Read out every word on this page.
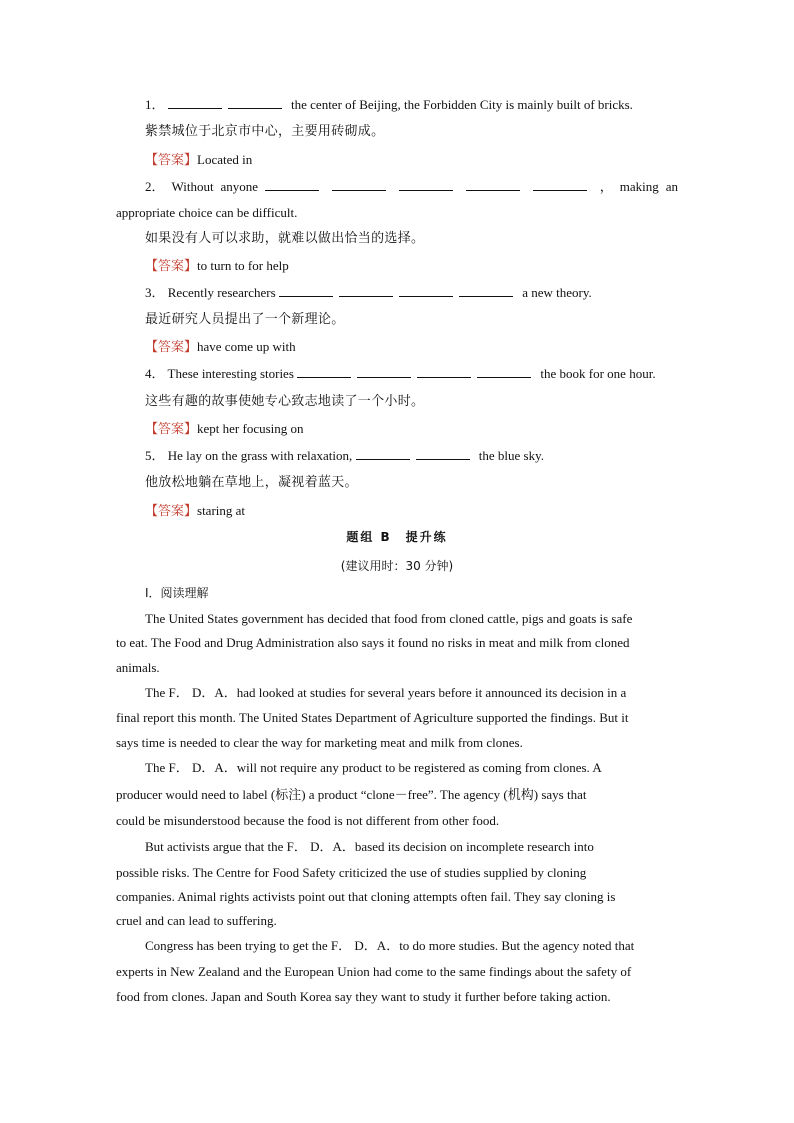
1．	the center of Beijing, the Forbidden City is mainly built of bricks.
紫禁城位于北京市中心，主要用砖砌成。
【答案】Located in
2． Without anyone	， making an
appropriate choice can be difficult.
如果没有人可以求助，就难以做出恰当的选择。
【答案】to turn to for help
3． Recently researchers	a new theory.
最近研究人员提出了一个新理论。
【答案】have come up with
4． These interesting stories	the book for one hour.
这些有趣的故事使她专心致志地读了一个小时。
【答案】kept her focusing on
5． He lay on the grass with relaxation,	the blue sky.
他放松地躺在草地上，凝视着蓝天。
【答案】staring at
题组 B　提升练
(建议用时：30 分钟)
Ⅰ．阅读理解
The United States government has decided that food from cloned cattle, pigs and goats is safe
to eat. The Food and Drug Administration also says it found no risks in meat and milk from cloned
animals.
The F． D．A．had looked at studies for several years before it announced its decision in a
final report this month. The United States Department of Agriculture supported the findings. But it
says time is needed to clear the way for marketing meat and milk from clones.
The F． D．A．will not require any product to be registered as coming from clones. A
producer would need to label (标注) a product “clone－free”. The agency (机构) says that
could be misunderstood because the food is not different from other food.
But activists argue that the F． D．A．based its decision on incomplete research into
possible risks. The Centre for Food Safety criticized the use of studies supplied by cloning
companies. Animal rights activists point out that cloning attempts often fail. They say cloning is
cruel and can lead to suffering.
Congress has been trying to get the F． D．A．to do more studies. But the agency noted that
experts in New Zealand and the European Union had come to the same findings about the safety of
food from clones. Japan and South Korea say they want to study it further before taking action.
